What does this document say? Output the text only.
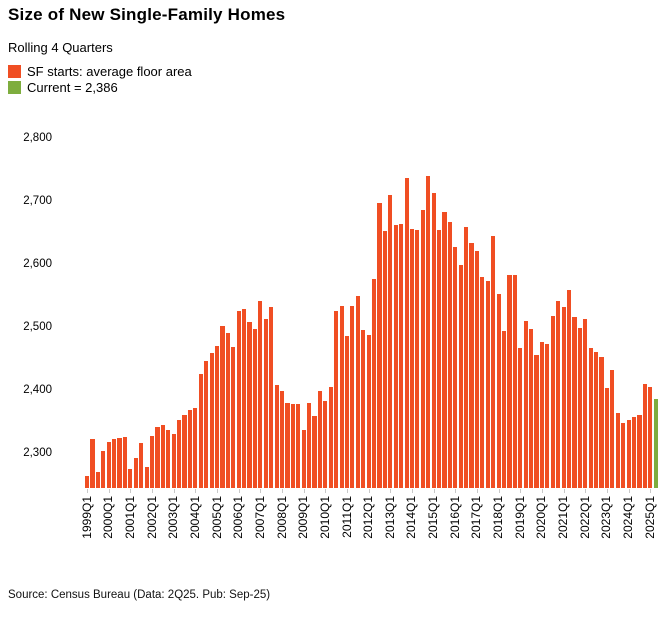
Size of New Single-Family Homes
Rolling 4 Quarters
SF starts: average floor area
Current = 2,386
2,300
2,400
2,500
2,600
2,700
2,800
1999Q1 2000Q1 2001Q1 2002Q1 2003Q1 2004Q1 2005Q1 2006Q1 2007Q1 2008Q1 2009Q1 2010Q1 2011Q1 2012Q1 2013Q1 2014Q1 2015Q1 2016Q1 2017Q1 2018Q1 2019Q1 2020Q1 2021Q1 2022Q1 2023Q1 2024Q1 2025Q1
Source: Census Bureau (Data: 2Q25. Pub: Sep-25)
